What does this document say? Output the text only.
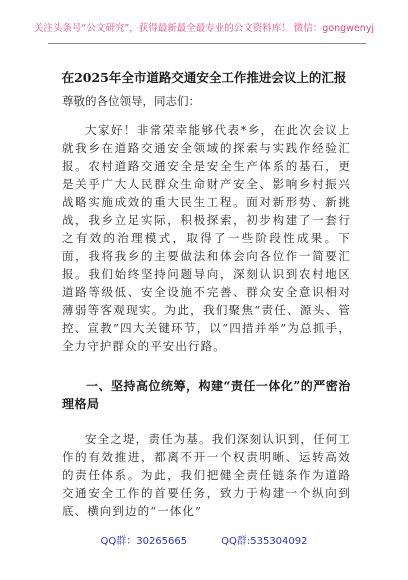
关注头条号“公文研究”，获得最新最全最专业的公文资料库！ 微信：gongwenyj
在2025年全市道路交通安全工作推进会议上的汇报
尊敬的各位领导，同志们：

大家好！非常荣幸能够代表*乡，在此次会议上就我乡在道路交通安全领域的探索与实践作经验汇报。农村道路交通安全是安全生产体系的基石，更是关乎广大人民群众生命财产安全、影响乡村振兴战略实施成效的重大民生工程。面对新形势、新挑战，我乡立足实际，积极探索，初步构建了一套行之有效的治理模式，取得了一些阶段性成果。下面，我将我乡的主要做法和体会向各位作一简要汇报。我们始终坚持问题导向，深刻认识到农村地区道路等级低、安全设施不完善、群众安全意识相对薄弱等客观现实。为此，我们聚焦“责任、源头、管控、宣教”四大关键环节，以“四措并举”为总抓手，全力守护群众的平安出行路。

一、坚持高位统筹，构建“责任一体化”的严密治理格局

安全之堤，责任为基。我们深刻认识到，任何工作的有效推进，都离不开一个权责明晰、运转高效的责任体系。为此，我们把健全责任链条作为道路交通安全工作的首要任务，致力于构建一个纵向到底、横向到边的“一体化”

QQ群：30265665	QQ群:535304092
